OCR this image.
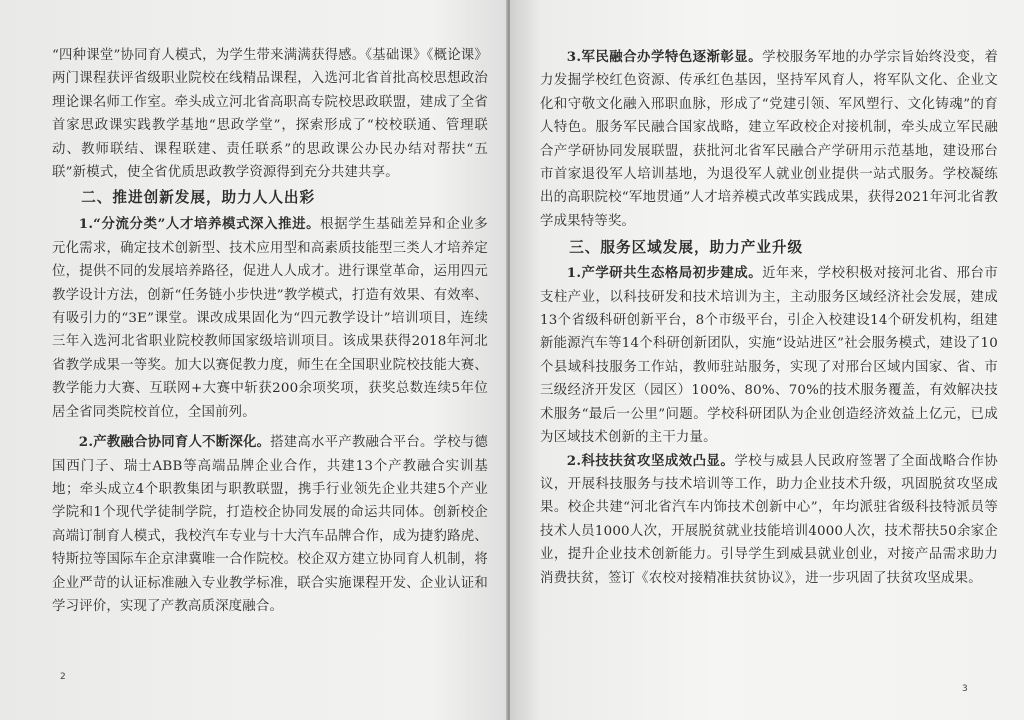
“四种课堂”协同育人模式，为学生带来满满获得感。《基础课》《概论课》两门课程获评省级职业院校在线精品课程，入选河北省首批高校思想政治理论课名师工作室。牵头成立河北省高职高专院校思政联盟，建成了全省首家思政课实践教学基地“思政学堂”，探索形成了“校校联通、管理联动、教师联结、课程联建、责任联系”的思政课公办民办结对帮扶“五联”新模式，使全省优质思政教学资源得到充分共建共享。

二、推进创新发展，助力人人出彩

1.“分流分类”人才培养模式深入推进。根据学生基础差异和企业多元化需求，确定技术创新型、技术应用型和高素质技能型三类人才培养定位，提供不同的发展培养路径，促进人人成才。进行课堂革命，运用四元教学设计方法，创新“任务链小步快进”教学模式，打造有效果、有效率、有吸引力的“3E”课堂。课改成果固化为“四元教学设计”培训项目，连续三年入选河北省职业院校教师国家级培训项目。该成果获得2018年河北省教学成果一等奖。加大以赛促教力度，师生在全国职业院校技能大赛、教学能力大赛、互联网+大赛中斩获200余项奖项，获奖总数连续5年位居全省同类院校首位，全国前列。

2.产教融合协同育人不断深化。搭建高水平产教融合平台。学校与德国西门子、瑞士ABB等高端品牌企业合作，共建13个产教融合实训基地；牵头成立4个职教集团与职教联盟，携手行业领先企业共建5个产业学院和1个现代学徒制学院，打造校企协同发展的命运共同体。创新校企高端订制育人模式，我校汽车专业与十大汽车品牌合作，成为捷豹路虎、特斯拉等国际车企京津冀唯一合作院校。校企双方建立协同育人机制，将企业严苛的认证标准融入专业教学标准，联合实施课程开发、企业认证和学习评价，实现了产教高质深度融合。

3.军民融合办学特色逐渐彰显。学校服务军地的办学宗旨始终没变，着力发掘学校红色资源、传承红色基因，坚持军风育人，将军队文化、企业文化和守敬文化融入邢职血脉，形成了“党建引领、军风塑行、文化铸魂”的育人特色。服务军民融合国家战略，建立军政校企对接机制，牵头成立军民融合产学研协同发展联盟，获批河北省军民融合产学研用示范基地，建设邢台市首家退役军人培训基地，为退役军人就业创业提供一站式服务。学校凝练出的高职院校“军地贯通”人才培养模式改革实践成果，获得2021年河北省教学成果特等奖。

三、服务区域发展，助力产业升级

1.产学研共生态格局初步建成。近年来，学校积极对接河北省、邢台市支柱产业，以科技研发和技术培训为主，主动服务区域经济社会发展，建成13个省级科研创新平台，8个市级平台，引企入校建设14个研发机构，组建新能源汽车等14个科研创新团队，实施“设站进区”社会服务模式，建设了10个县域科技服务工作站，教师驻站服务，实现了对邢台区域内国家、省、市三级经济开发区（园区）100%、80%、70%的技术服务覆盖，有效解决技术服务“最后一公里”问题。学校科研团队为企业创造经济效益上亿元，已成为区域技术创新的主干力量。

2.科技扶贫攻坚成效凸显。学校与威县人民政府签署了全面战略合作协议，开展科技服务与技术培训等工作，助力企业技术升级，巩固脱贫攻坚成果。校企共建“河北省汽车内饰技术创新中心”，年均派驻省级科技特派员等技术人员1000人次，开展脱贫就业技能培训4000人次，技术帮扶50余家企业，提升企业技术创新能力。引导学生到威县就业创业，对接产品需求助力消费扶贫，签订《农校对接精准扶贫协议》，进一步巩固了扶贫攻坚成果。

2
3
